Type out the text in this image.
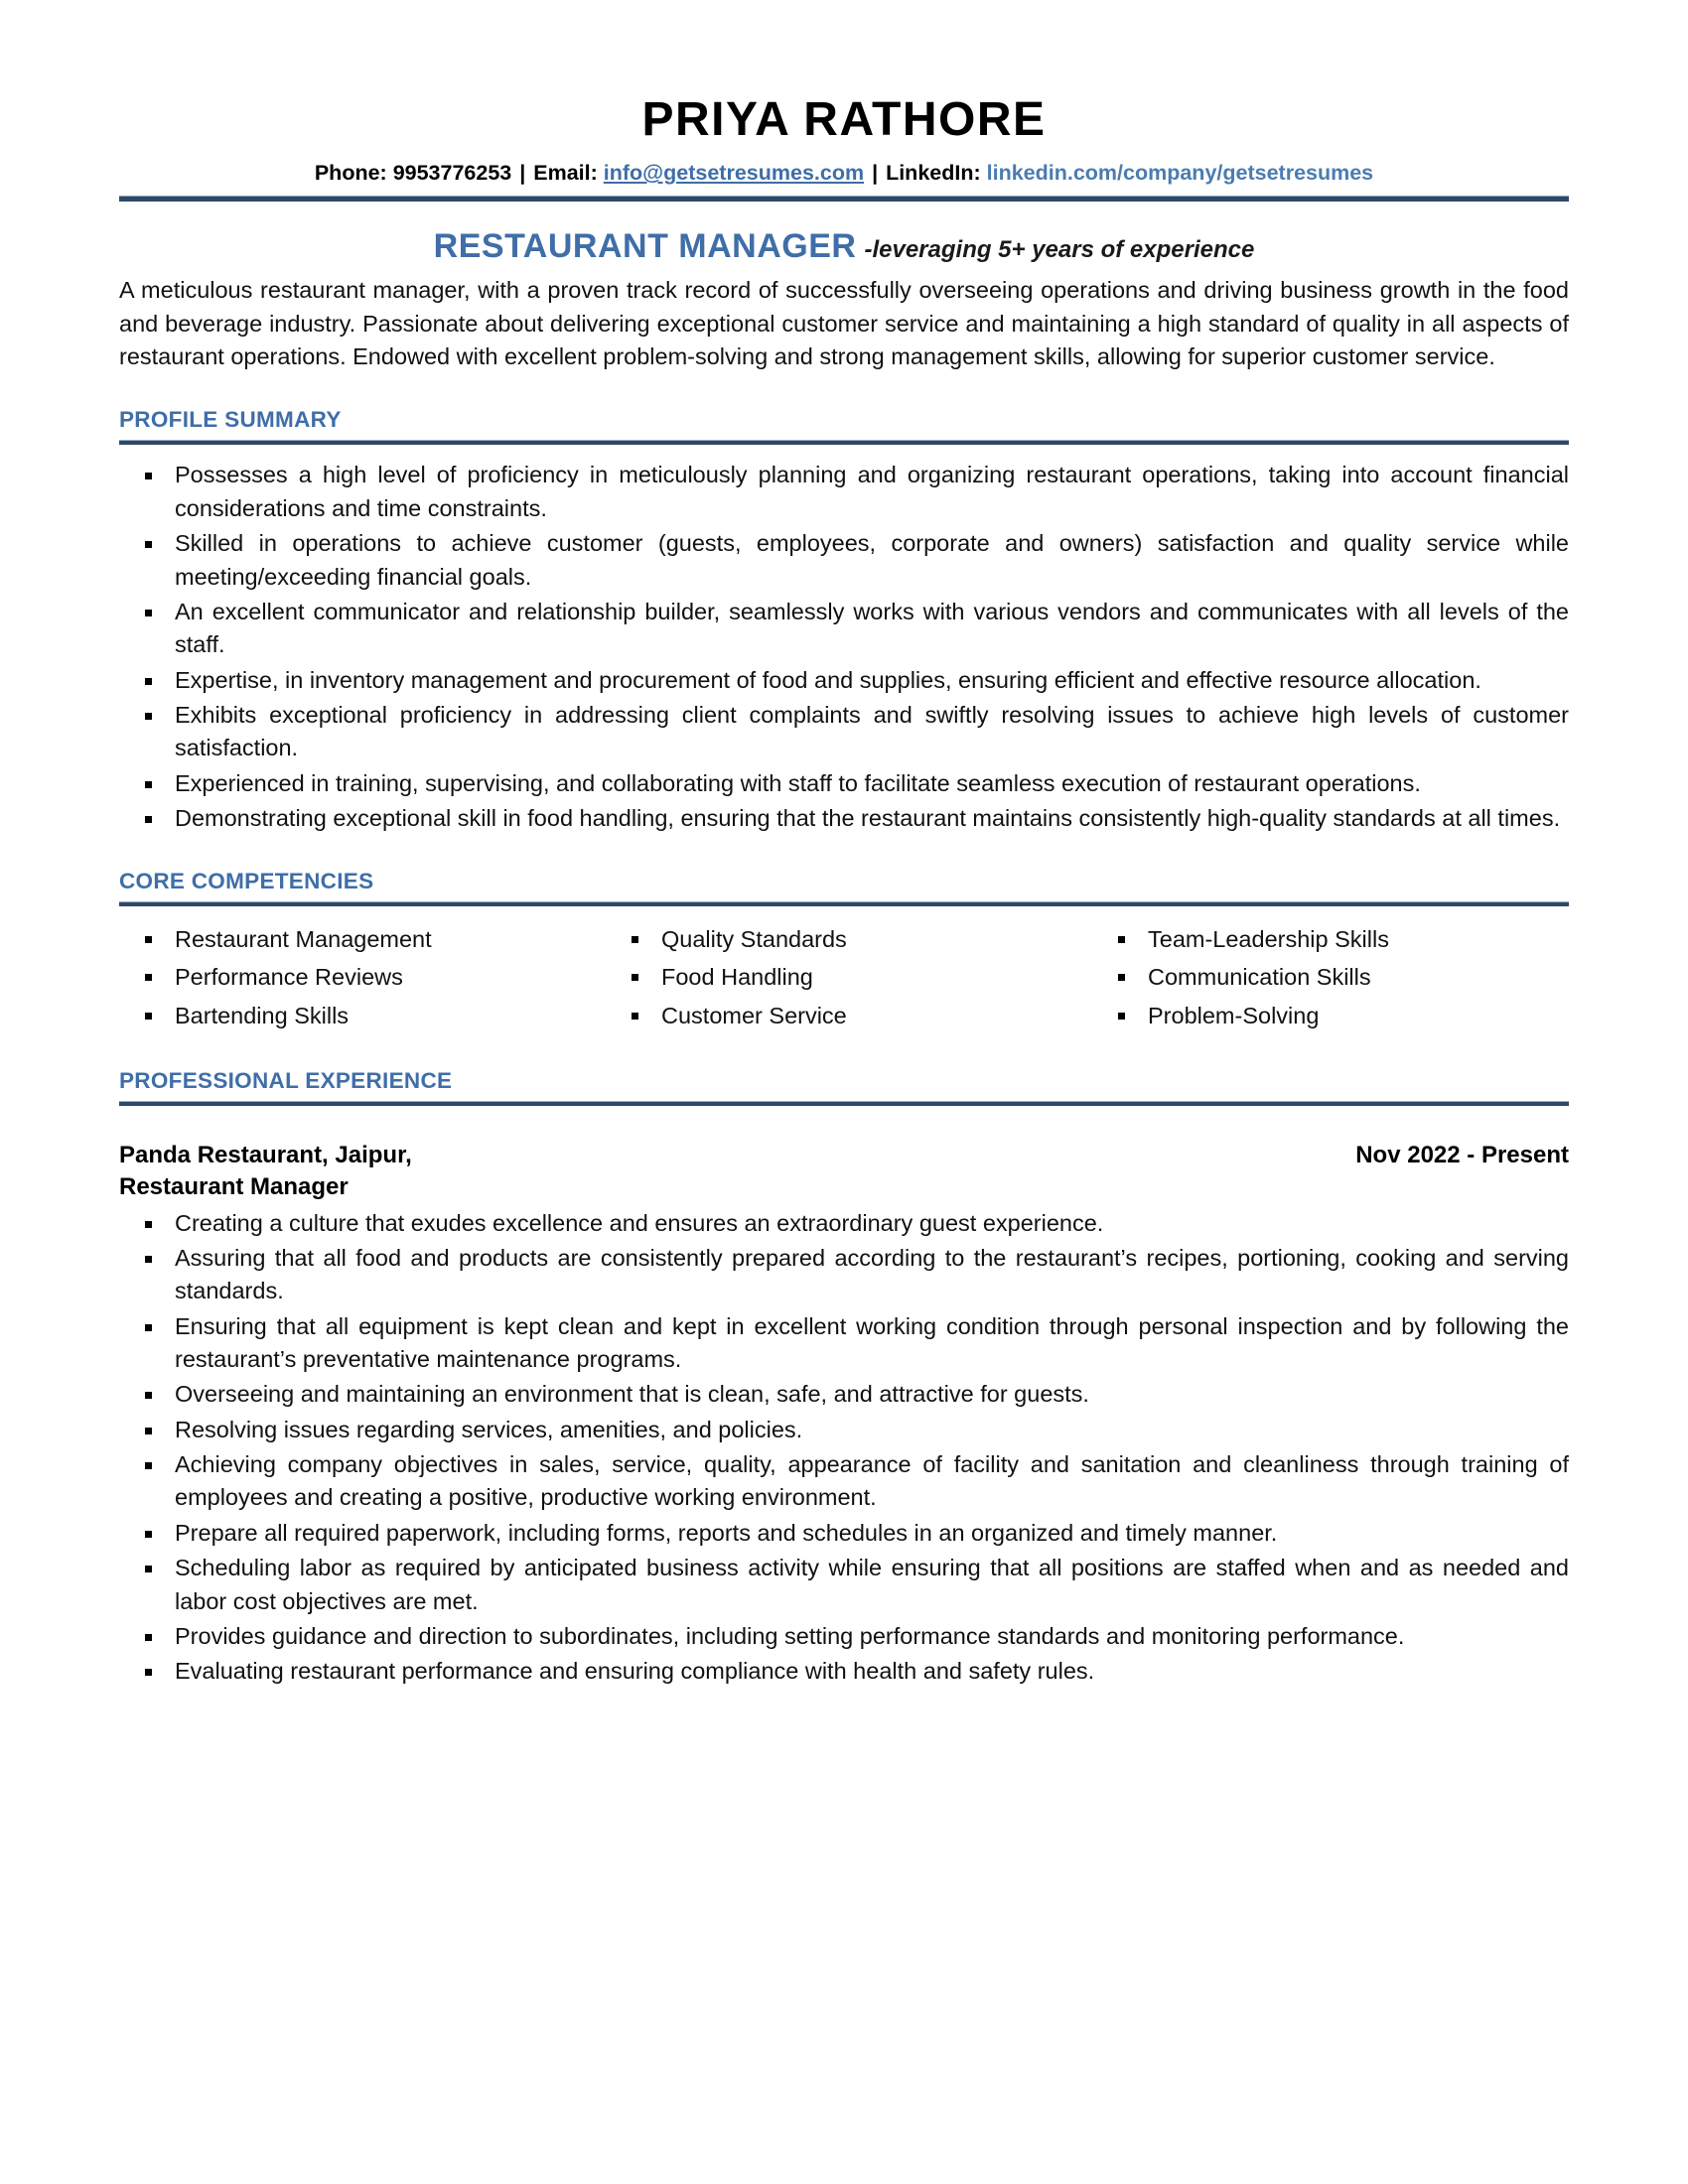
PRIYA RATHORE
Phone: 9953776253 | Email: info@getsetresumes.com | LinkedIn: linkedin.com/company/getsetresumes
RESTAURANT MANAGER -leveraging 5+ years of experience

A meticulous restaurant manager, with a proven track record of successfully overseeing operations and driving business growth in the food and beverage industry. Passionate about delivering exceptional customer service and maintaining a high standard of quality in all aspects of restaurant operations. Endowed with excellent problem-solving and strong management skills, allowing for superior customer service.

PROFILE SUMMARY
Possesses a high level of proficiency in meticulously planning and organizing restaurant operations, taking into account financial considerations and time constraints.
Skilled in operations to achieve customer (guests, employees, corporate and owners) satisfaction and quality service while meeting/exceeding financial goals.
An excellent communicator and relationship builder, seamlessly works with various vendors and communicates with all levels of the staff.
Expertise, in inventory management and procurement of food and supplies, ensuring efficient and effective resource allocation.
Exhibits exceptional proficiency in addressing client complaints and swiftly resolving issues to achieve high levels of customer satisfaction.
Experienced in training, supervising, and collaborating with staff to facilitate seamless execution of restaurant operations.
Demonstrating exceptional skill in food handling, ensuring that the restaurant maintains consistently high-quality standards at all times.
CORE COMPETENCIES
Restaurant Management	Quality Standards	Team-Leadership Skills
Performance Reviews	Food Handling	Communication Skills
Bartending Skills	Customer Service	Problem-Solving
PROFESSIONAL EXPERIENCE
Panda Restaurant, Jaipur,	Nov 2022 - Present
Restaurant Manager
Creating a culture that exudes excellence and ensures an extraordinary guest experience.
Assuring that all food and products are consistently prepared according to the restaurant’s recipes, portioning, cooking and serving standards.
Ensuring that all equipment is kept clean and kept in excellent working condition through personal inspection and by following the restaurant’s preventative maintenance programs.
Overseeing and maintaining an environment that is clean, safe, and attractive for guests.
Resolving issues regarding services, amenities, and policies.
Achieving company objectives in sales, service, quality, appearance of facility and sanitation and cleanliness through training of employees and creating a positive, productive working environment.
Prepare all required paperwork, including forms, reports and schedules in an organized and timely manner.
Scheduling labor as required by anticipated business activity while ensuring that all positions are staffed when and as needed and labor cost objectives are met.
Provides guidance and direction to subordinates, including setting performance standards and monitoring performance.
Evaluating restaurant performance and ensuring compliance with health and safety rules.
